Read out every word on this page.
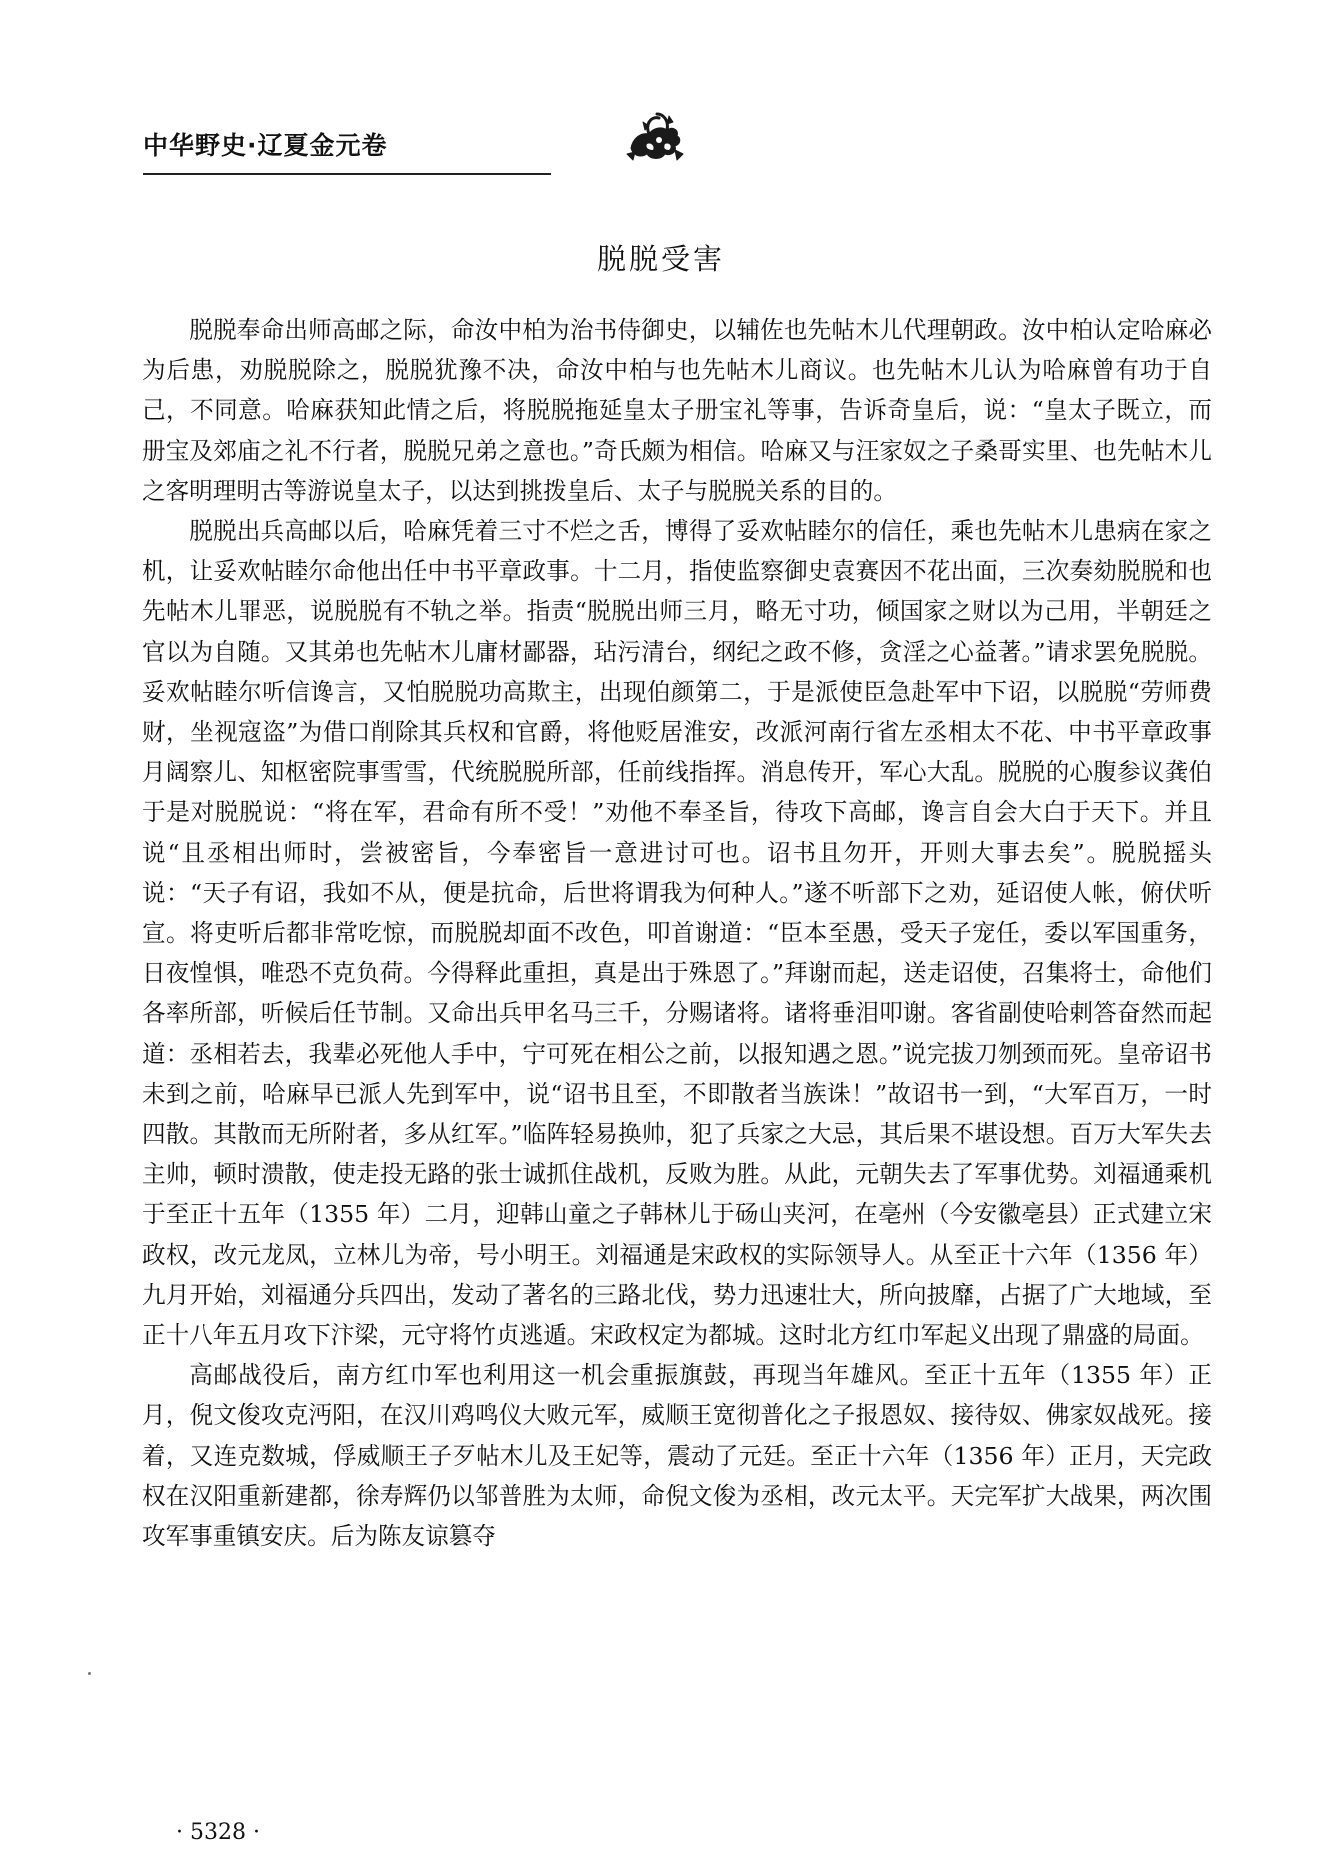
中华野史·辽夏金元卷
脱脱受害

脱脱奉命出师高邮之际，命汝中柏为治书侍御史，以辅佐也先帖木儿代理朝政。汝中柏认定哈麻必为后患，劝脱脱除之，脱脱犹豫不决，命汝中柏与也先帖木儿商议。也先帖木儿认为哈麻曾有功于自己，不同意。哈麻获知此情之后，将脱脱拖延皇太子册宝礼等事，告诉奇皇后，说：“皇太子既立，而册宝及郊庙之礼不行者，脱脱兄弟之意也。”奇氏颇为相信。哈麻又与汪家奴之子桑哥实里、也先帖木儿之客明理明古等游说皇太子，以达到挑拨皇后、太子与脱脱关系的目的。

脱脱出兵高邮以后，哈麻凭着三寸不烂之舌，博得了妥欢帖睦尔的信任，乘也先帖木儿患病在家之机，让妥欢帖睦尔命他出任中书平章政事。十二月，指使监察御史袁赛因不花出面，三次奏劾脱脱和也先帖木儿罪恶，说脱脱有不轨之举。指责“脱脱出师三月，略无寸功，倾国家之财以为己用，半朝廷之官以为自随。又其弟也先帖木儿庸材鄙器，玷污清台，纲纪之政不修，贪淫之心益著。”请求罢免脱脱。妥欢帖睦尔听信谗言，又怕脱脱功高欺主，出现伯颜第二，于是派使臣急赴军中下诏，以脱脱“劳师费财，坐视寇盗”为借口削除其兵权和官爵，将他贬居淮安，改派河南行省左丞相太不花、中书平章政事月阔察儿、知枢密院事雪雪，代统脱脱所部，任前线指挥。消息传开，军心大乱。脱脱的心腹参议龚伯于是对脱脱说：“将在军，君命有所不受！”劝他不奉圣旨，待攻下高邮，谗言自会大白于天下。并且说“且丞相出师时，尝被密旨，今奉密旨一意进讨可也。诏书且勿开，开则大事去矣”。脱脱摇头说：“天子有诏，我如不从，便是抗命，后世将谓我为何种人。”遂不听部下之劝，延诏使人帐，俯伏听宣。将吏听后都非常吃惊，而脱脱却面不改色，叩首谢道：“臣本至愚，受天子宠任，委以军国重务，日夜惶惧，唯恐不克负荷。今得释此重担，真是出于殊恩了。”拜谢而起，送走诏使，召集将士，命他们各率所部，听候后任节制。又命出兵甲名马三千，分赐诸将。诸将垂泪叩谢。客省副使哈剌答奋然而起道：丞相若去，我辈必死他人手中，宁可死在相公之前，以报知遇之恩。”说完拔刀刎颈而死。皇帝诏书未到之前，哈麻早已派人先到军中，说“诏书且至，不即散者当族诛！”故诏书一到，“大军百万，一时四散。其散而无所附者，多从红军。”临阵轻易换帅，犯了兵家之大忌，其后果不堪设想。百万大军失去主帅，顿时溃散，使走投无路的张士诚抓住战机，反败为胜。从此，元朝失去了军事优势。刘福通乘机于至正十五年（1355 年）二月，迎韩山童之子韩林儿于砀山夹河，在亳州（今安徽亳县）正式建立宋政权，改元龙凤，立林儿为帝，号小明王。刘福通是宋政权的实际领导人。从至正十六年（1356 年）九月开始，刘福通分兵四出，发动了著名的三路北伐，势力迅速壮大，所向披靡，占据了广大地域，至正十八年五月攻下汴梁，元守将竹贞逃遁。宋政权定为都城。这时北方红巾军起义出现了鼎盛的局面。

高邮战役后，南方红巾军也利用这一机会重振旗鼓，再现当年雄风。至正十五年（1355 年）正月，倪文俊攻克沔阳，在汉川鸡鸣仪大败元军，威顺王宽彻普化之子报恩奴、接待奴、佛家奴战死。接着，又连克数城，俘威顺王子歹帖木儿及王妃等，震动了元廷。至正十六年（1356 年）正月，天完政权在汉阳重新建都，徐寿辉仍以邹普胜为太师，命倪文俊为丞相，改元太平。天完军扩大战果，两次围攻军事重镇安庆。后为陈友谅篡夺

· 5328 ·
